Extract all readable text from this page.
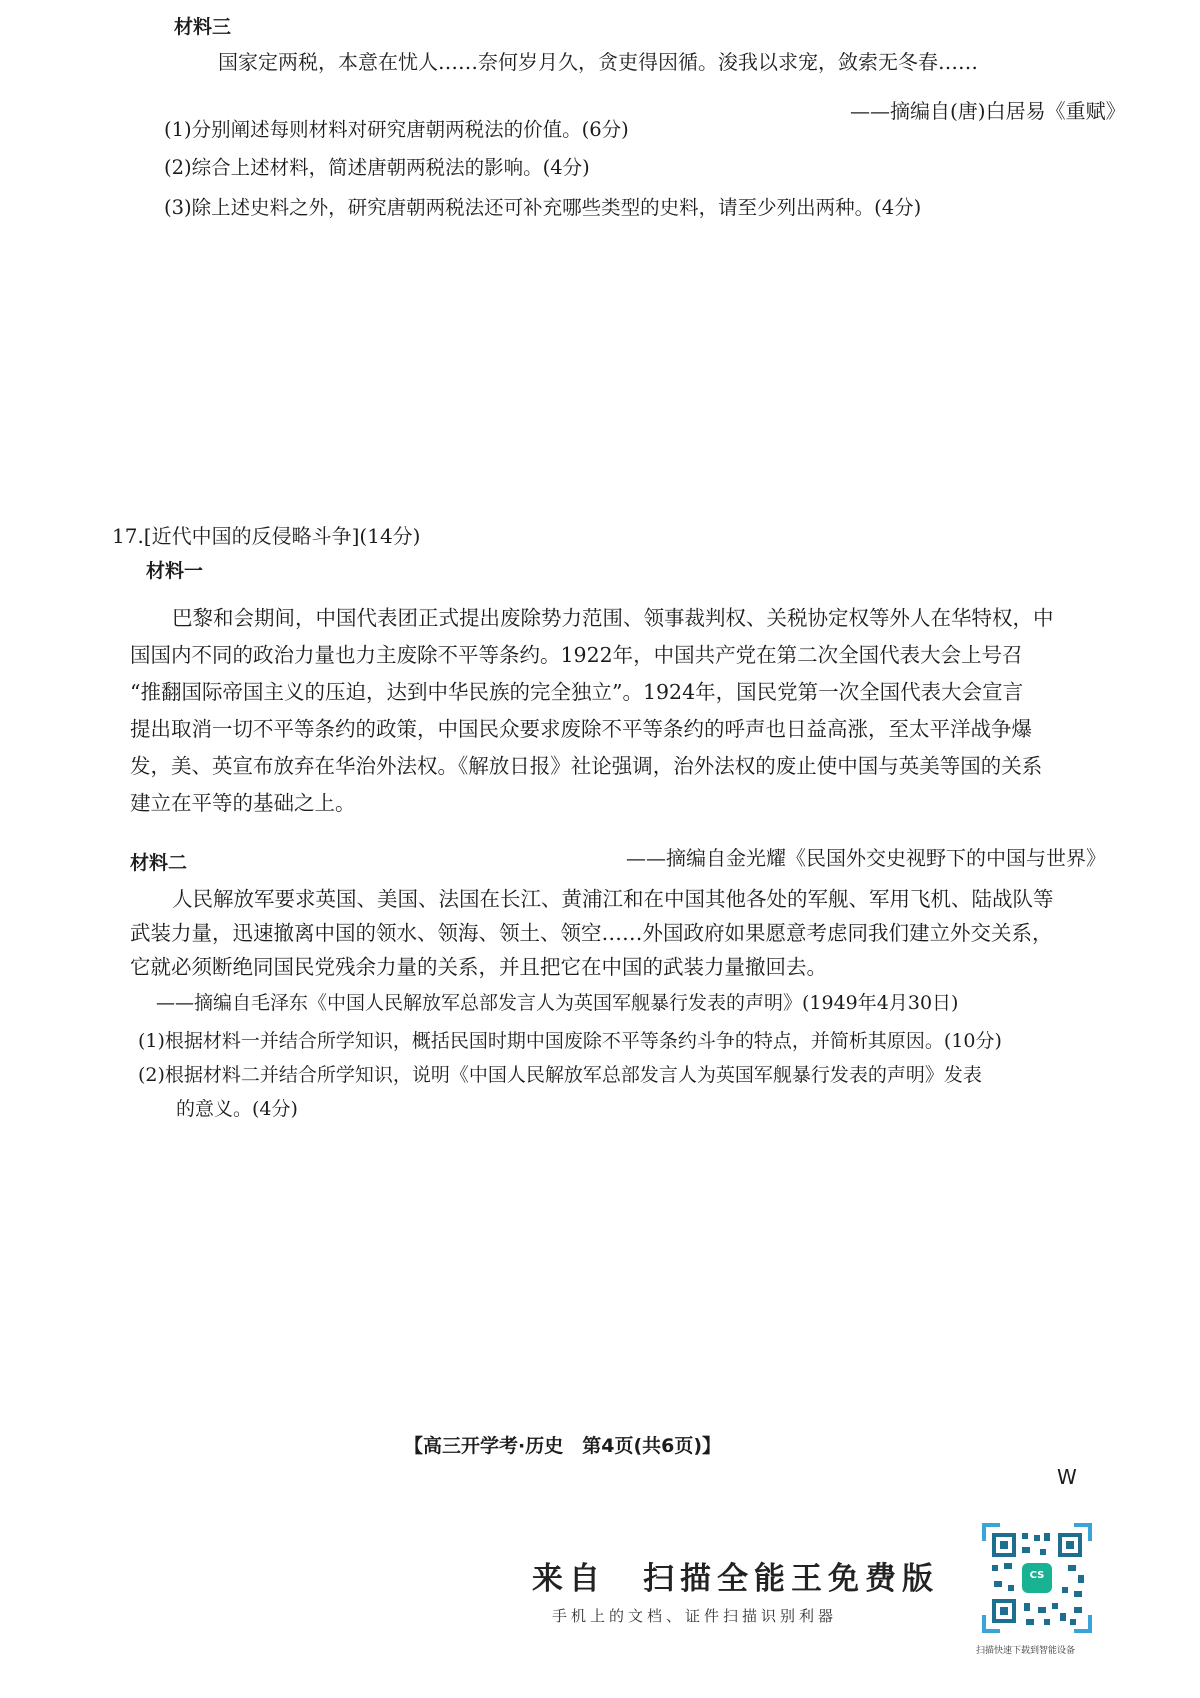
材料三
国家定两税，本意在忧人……奈何岁月久，贪吏得因循。浚我以求宠，敛索无冬春……
——摘编自(唐)白居易《重赋》
(1)分别阐述每则材料对研究唐朝两税法的价值。(6分)
(2)综合上述材料，简述唐朝两税法的影响。(4分)
(3)除上述史料之外，研究唐朝两税法还可补充哪些类型的史料，请至少列出两种。(4分)
17.[近代中国的反侵略斗争](14分)
材料一
巴黎和会期间，中国代表团正式提出废除势力范围、领事裁判权、关税协定权等外人在华特权，中
国国内不同的政治力量也力主废除不平等条约。1922年，中国共产党在第二次全国代表大会上号召
“推翻国际帝国主义的压迫，达到中华民族的完全独立”。1924年，国民党第一次全国代表大会宣言
提出取消一切不平等条约的政策，中国民众要求废除不平等条约的呼声也日益高涨，至太平洋战争爆
发，美、英宣布放弃在华治外法权。《解放日报》社论强调，治外法权的废止使中国与英美等国的关系
建立在平等的基础之上。
——摘编自金光耀《民国外交史视野下的中国与世界》
材料二
人民解放军要求英国、美国、法国在长江、黄浦江和在中国其他各处的军舰、军用飞机、陆战队等
武装力量，迅速撤离中国的领水、领海、领土、领空……外国政府如果愿意考虑同我们建立外交关系，
它就必须断绝同国民党残余力量的关系，并且把它在中国的武装力量撤回去。
——摘编自毛泽东《中国人民解放军总部发言人为英国军舰暴行发表的声明》(1949年4月30日)
(1)根据材料一并结合所学知识，概括民国时期中国废除不平等条约斗争的特点，并简析其原因。(10分)
(2)根据材料二并结合所学知识，说明《中国人民解放军总部发言人为英国军舰暴行发表的声明》发表
的意义。(4分)
【高三开学考·历史　第4页(共6页)】
W
来自　扫描全能王免费版
手机上的文档、证件扫描识别利器
CS
扫描快速下载到智能设备
